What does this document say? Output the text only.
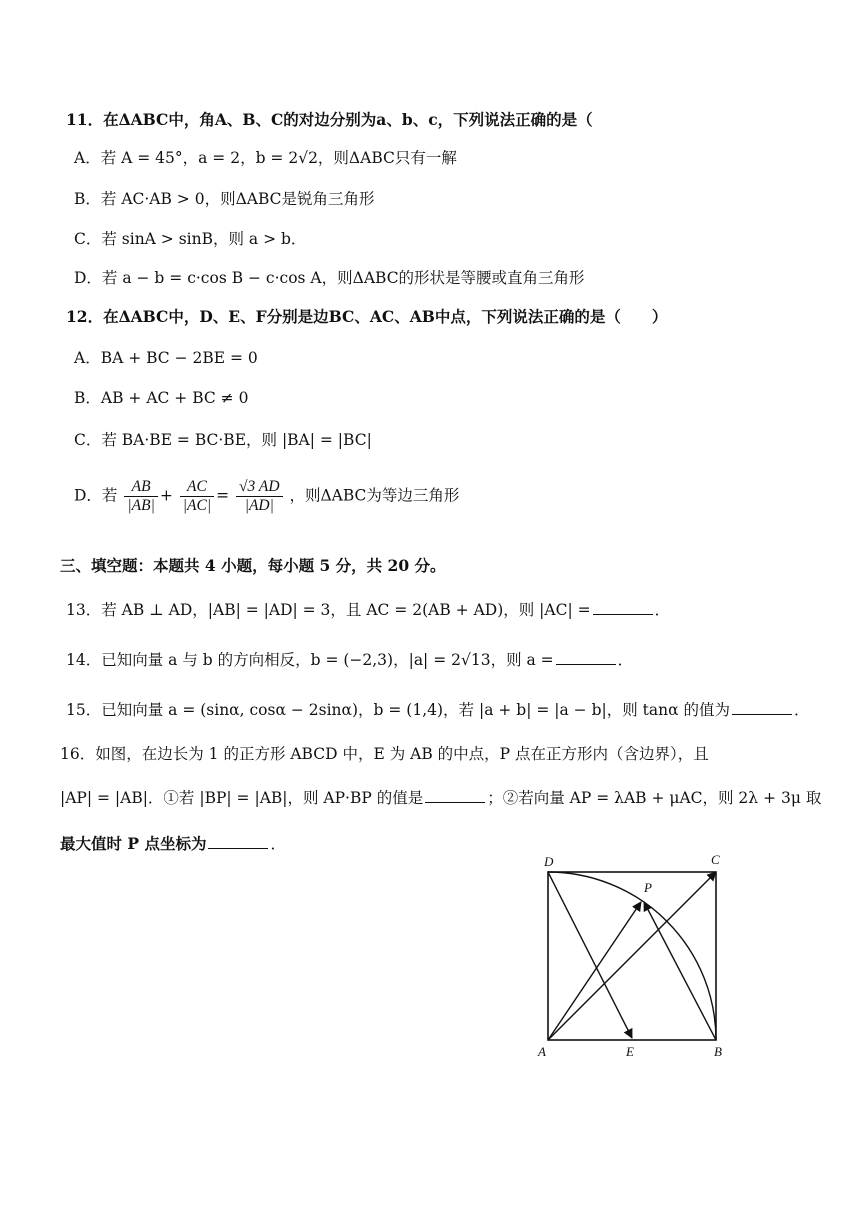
11．在ΔABC中，角A、B、C的对边分别为a、b、c，下列说法正确的是（
A．若 A = 45°，a = 2，b = 2√2，则ΔABC只有一解
B．若 AC·AB > 0，则ΔABC是锐角三角形
C．若 sinA > sinB，则 a > b．
D．若 a − b = c·cos B − c·cos A，则ΔABC的形状是等腰或直角三角形
12．在ΔABC中，D、E、F分别是边BC、AC、AB中点，下列说法正确的是（　　）
A．BA + BC − 2BE = 0
B．AB + AC + BC ≠ 0
C．若 BA·BE = BC·BE，则 |BA| = |BC|
D．若 $\frac{AB}{|AB|} + \frac{AC}{|AC|} = \frac{√3 AD}{|AD|}$ ，则ΔABC为等边三角形
三、填空题：本题共 4 小题，每小题 5 分，共 20 分。
13．若 AB ⊥ AD，|AB| = |AD| = 3，且 AC = 2(AB + AD)，则 |AC| =	．
14．已知向量 a 与 b 的方向相反，b = (−2,3)，|a| = 2√13，则 a =	．
15．已知向量 a = (sinα, cosα − 2sinα)，b = (1,4)，若 |a + b| = |a − b|，则 tanα 的值为	．
16．如图，在边长为 1 的正方形 ABCD 中，E 为 AB 的中点，P 点在正方形内（含边界），且
|AP| = |AB|．①若 |BP| = |AB|，则 AP·BP 的值是	；②若向量 AP = λAB + μAC，则 2λ + 3μ 取
最大值时 P 点坐标为	．
D	C
P
A	E	B
